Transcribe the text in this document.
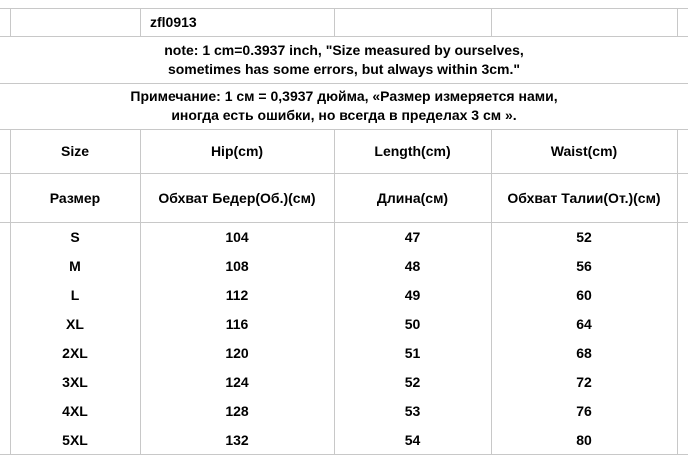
zfl0913
note: 1 cm=0.3937 inch, "Size measured by ourselves,
sometimes has some errors, but always within 3cm."
Примечание: 1 см = 0,3937 дюйма, «Размер измеряется нами,
иногда есть ошибки, но всегда в пределах 3 см ».
Size	Hip(cm)	Length(cm)	Waist(cm)
Размер	Обхват Бедер(Об.)(см)	Длина(см)	Обхват Талии(От.)(см)
S	104	47	52
M	108	48	56
L	112	49	60
XL	116	50	64
2XL	120	51	68
3XL	124	52	72
4XL	128	53	76
5XL	132	54	80
